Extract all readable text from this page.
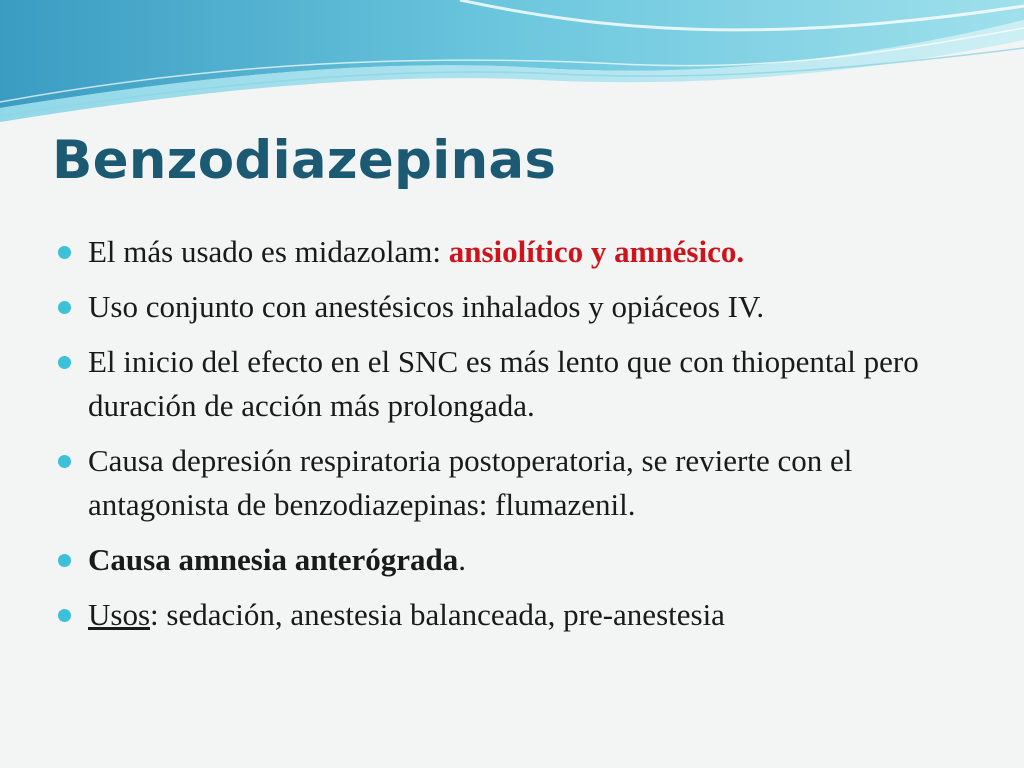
Benzodiazepinas
El más usado es midazolam: ansiolítico y amnésico.
Uso conjunto con anestésicos inhalados y opiáceos IV.
El inicio del efecto en el SNC es más lento que con thiopental pero duración de acción más prolongada.
Causa depresión respiratoria postoperatoria, se revierte con el antagonista de benzodiazepinas: flumazenil.
Causa amnesia anterógrada.
Usos: sedación, anestesia balanceada, pre-anestesia
